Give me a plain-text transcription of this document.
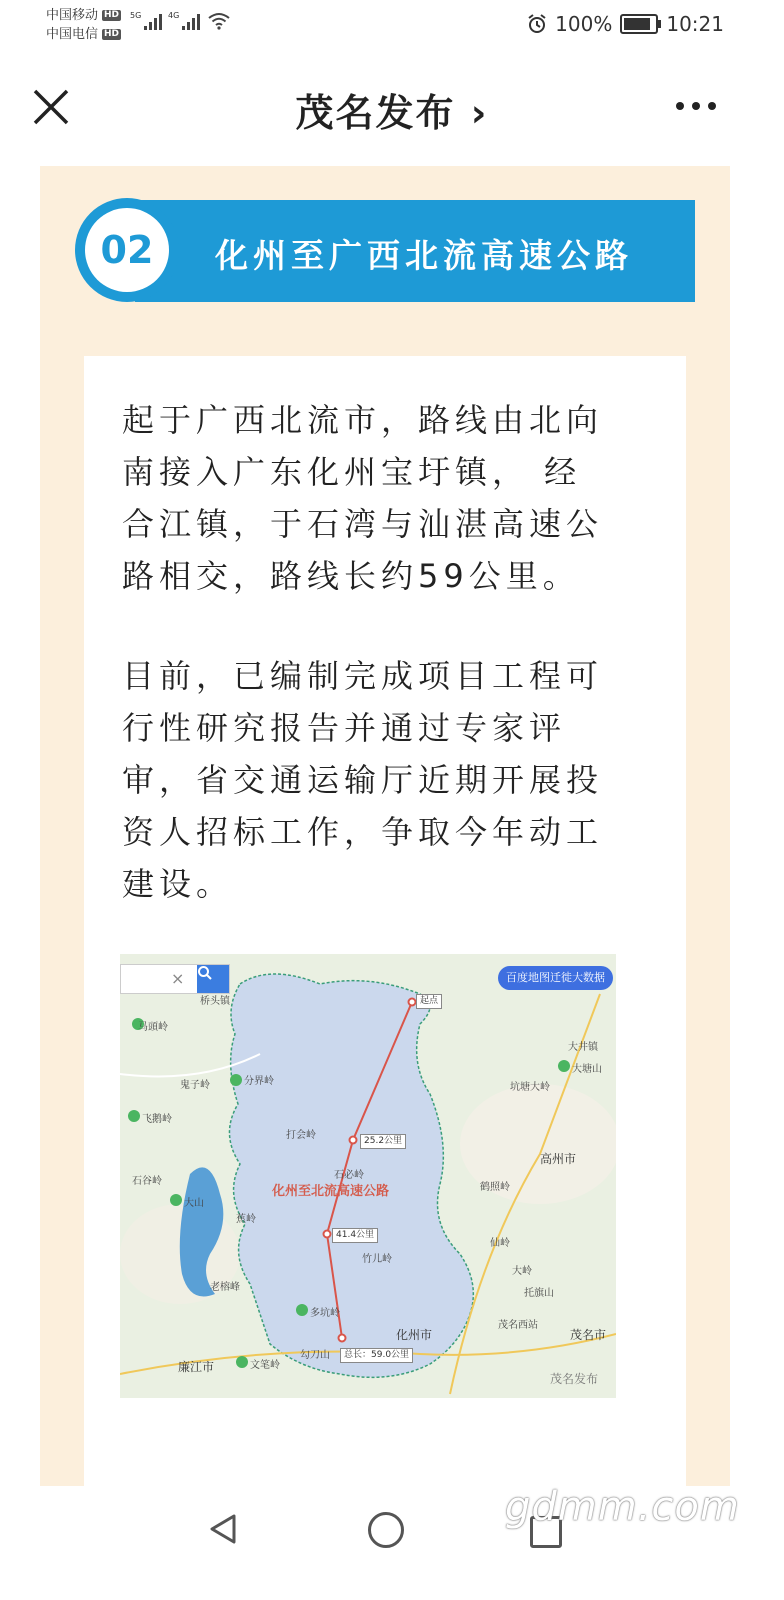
中国移动 HD
中国电信 HD
5G	4G	100%	10:21
茂名发布 ›
02	化州至广西北流高速公路
起于广西北流市，路线由北向南接入广东化州宝圩镇， 经合江镇，于石湾与汕湛高速公路相交，路线长约59公里。
目前，已编制完成项目工程可行性研究报告并通过专家评审，省交通运输厅近期开展投资人招标工作，争取今年动工建设。
×	百度地图迁徙大数据
起点
25.2公里
化州至北流高速公路
41.4公里
总长：59.0公里
桥头镇
马頭岭
分界岭
鬼子岭
飞鹅岭
打会岭
石必岭
大山
石谷岭
蕉岭
竹儿岭
多坑岭
老榕峰
勾刀山
文笔岭
大岭
大井镇
大塘山
坑塘大岭
鹤照岭
托旗山
仙岭
高州市
化州市	茂名市
廉江市
茂名西站
茂名发布
gdmm.com
